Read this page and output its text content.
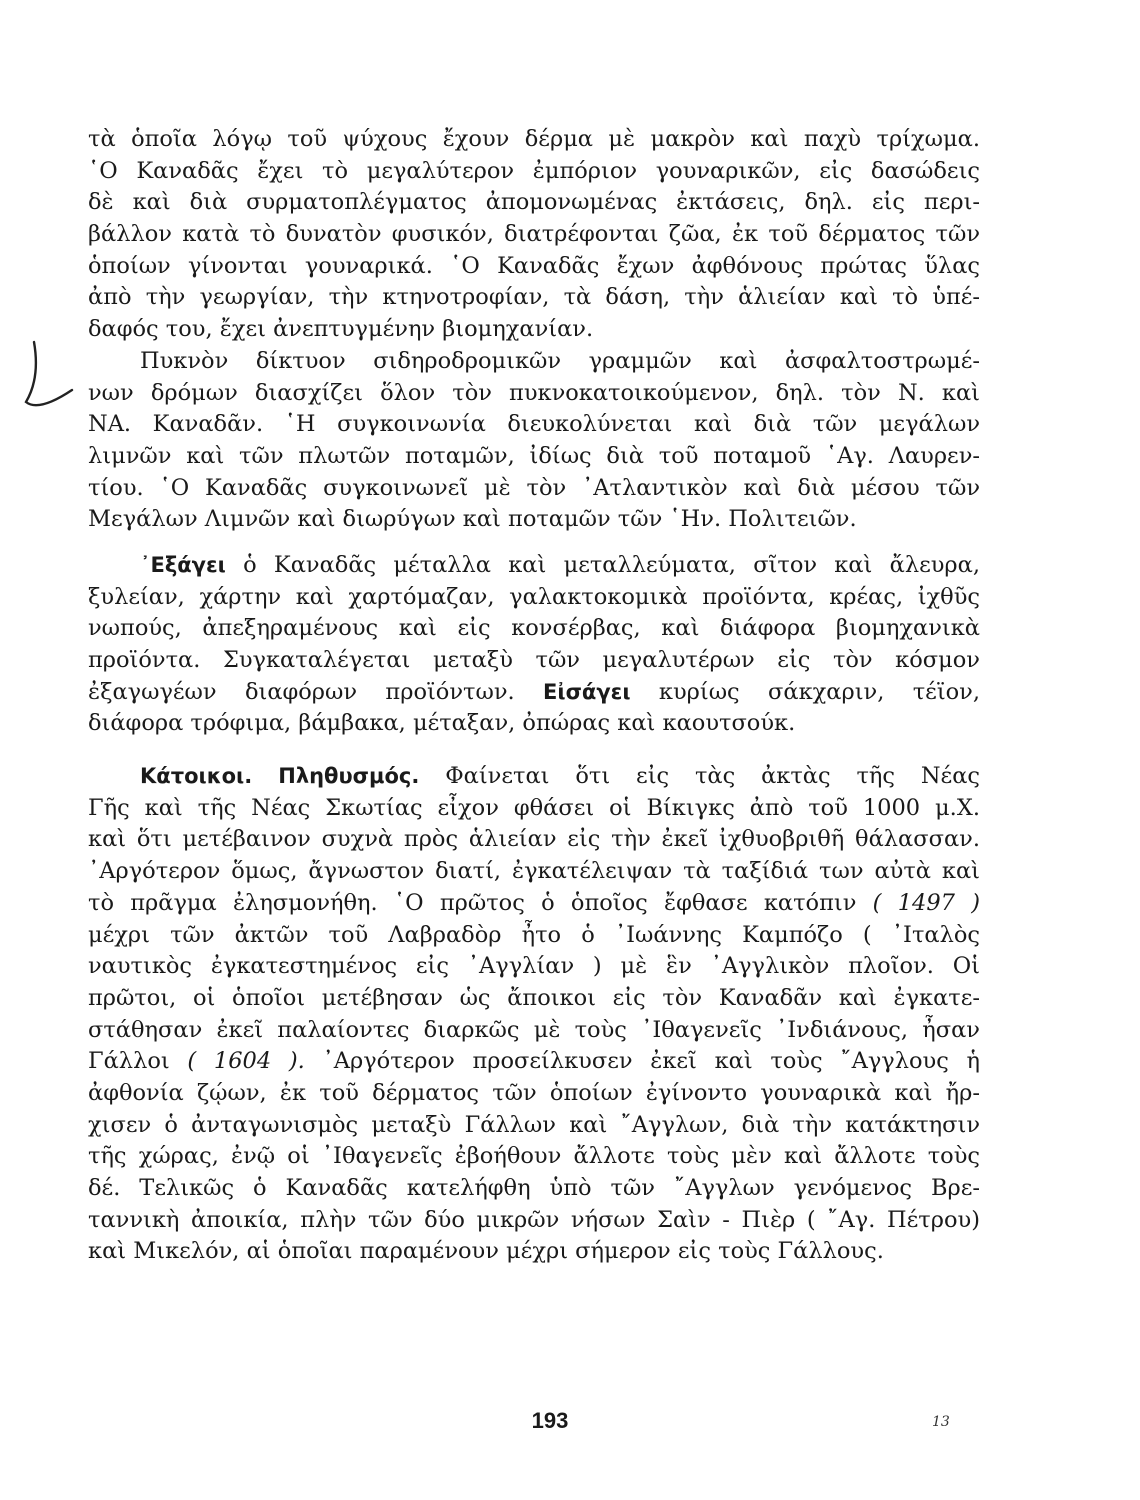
τὰ ὁποῖα λόγῳ τοῦ ψύχους ἔχουν δέρμα μὲ μακρὸν καὶ παχὺ τρίχωμα.
῾Ο Καναδᾶς ἔχει τὸ μεγαλύτερον ἐμπόριον γουναρικῶν, εἰς δασώδεις
δὲ καὶ διὰ συρματοπλέγματος ἀπομονωμένας ἐκτάσεις, δηλ. εἰς περι-
βάλλον κατὰ τὸ δυνατὸν φυσικόν, διατρέφονται ζῶα, ἐκ τοῦ δέρματος τῶν
ὁποίων γίνονται γουναρικά. ῾Ο Καναδᾶς ἔχων ἀφθόνους πρώτας ὕλας
ἀπὸ τὴν γεωργίαν, τὴν κτηνοτροφίαν, τὰ δάση, τὴν ἁλιείαν καὶ τὸ ὑπέ-
δαφός του, ἔχει ἀνεπτυγμένην βιομηχανίαν.
Πυκνὸν δίκτυον σιδηροδρομικῶν γραμμῶν καὶ ἀσφαλτοστρωμέ-
νων δρόμων διασχίζει ὅλον τὸν πυκνοκατοικούμενον, δηλ. τὸν Ν. καὶ
ΝΑ. Καναδᾶν. ῾Η συγκοινωνία διευκολύνεται καὶ διὰ τῶν μεγάλων
λιμνῶν καὶ τῶν πλωτῶν ποταμῶν, ἰδίως διὰ τοῦ ποταμοῦ ῾Αγ. Λαυρεν-
τίου. ῾Ο Καναδᾶς συγκοινωνεῖ μὲ τὸν ᾿Ατλαντικὸν καὶ διὰ μέσου τῶν
Μεγάλων Λιμνῶν καὶ διωρύγων καὶ ποταμῶν τῶν ῾Ην. Πολιτειῶν.
᾿Εξάγει ὁ Καναδᾶς μέταλλα καὶ μεταλλεύματα, σῖτον καὶ ἄλευρα,
ξυλείαν, χάρτην καὶ χαρτόμαζαν, γαλακτοκομικὰ προϊόντα, κρέας, ἰχθῦς
νωπούς, ἀπεξηραμένους καὶ εἰς κονσέρβας, καὶ διάφορα βιομηχανικὰ
προϊόντα. Συγκαταλέγεται μεταξὺ τῶν μεγαλυτέρων εἰς τὸν κόσμον
ἐξαγωγέων διαφόρων προϊόντων. Εἰσάγει κυρίως σάκχαριν, τέϊον,
διάφορα τρόφιμα, βάμβακα, μέταξαν, ὀπώρας καὶ καουτσούκ.
Κάτοικοι. Πληθυσμός. Φαίνεται ὅτι εἰς τὰς ἀκτὰς τῆς Νέας
Γῆς καὶ τῆς Νέας Σκωτίας εἶχον φθάσει οἱ Βίκιγκς ἀπὸ τοῦ 1000 μ.Χ.
καὶ ὅτι μετέβαινον συχνὰ πρὸς ἁλιείαν εἰς τὴν ἐκεῖ ἰχθυοβριθῆ θάλασσαν.
᾿Αργότερον ὅμως, ἄγνωστον διατί, ἐγκατέλειψαν τὰ ταξίδιά των αὐτὰ καὶ
τὸ πρᾶγμα ἐλησμονήθη. ῾Ο πρῶτος ὁ ὁποῖος ἔφθασε κατόπιν ( 1497 )
μέχρι τῶν ἀκτῶν τοῦ Λαβραδὸρ ἦτο ὁ ᾿Ιωάννης Καμπόζο ( ᾿Ιταλὸς
ναυτικὸς ἐγκατεστημένος εἰς ᾿Αγγλίαν ) μὲ ἓν ᾿Αγγλικὸν πλοῖον. Οἱ
πρῶτοι, οἱ ὁποῖοι μετέβησαν ὡς ἄποικοι εἰς τὸν Καναδᾶν καὶ ἐγκατε-
στάθησαν ἐκεῖ παλαίοντες διαρκῶς μὲ τοὺς ᾿Ιθαγενεῖς ᾿Ινδιάνους, ἦσαν
Γάλλοι ( 1604 ). ᾿Αργότερον προσείλκυσεν ἐκεῖ καὶ τοὺς ῎Αγγλους ἡ
ἀφθονία ζῴων, ἐκ τοῦ δέρματος τῶν ὁποίων ἐγίνοντο γουναρικὰ καὶ ἤρ-
χισεν ὁ ἀνταγωνισμὸς μεταξὺ Γάλλων καὶ ῎Αγγλων, διὰ τὴν κατάκτησιν
τῆς χώρας, ἐνῷ οἱ ᾿Ιθαγενεῖς ἐβοήθουν ἄλλοτε τοὺς μὲν καὶ ἄλλοτε τοὺς
δέ. Τελικῶς ὁ Καναδᾶς κατελήφθη ὑπὸ τῶν ῎Αγγλων γενόμενος Βρε-
ταννικὴ ἀποικία, πλὴν τῶν δύο μικρῶν νήσων Σαὶν - Πιὲρ ( ῎Αγ. Πέτρου)
καὶ Μικελόν, αἱ ὁποῖαι παραμένουν μέχρι σήμερον εἰς τοὺς Γάλλους.
193	13
